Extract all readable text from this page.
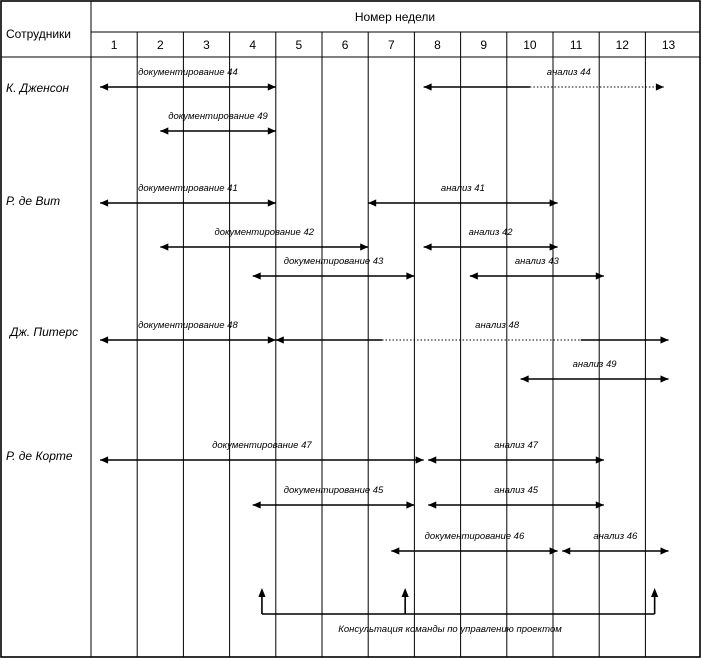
Сотрудники
Номер недели
1	2	3	4	5	6	7	8	9	10	11	12	13
К. Дженсон
Р. де Вит
Дж. Питерс
Р. де Корте
документирование 44	анализ 44
документирование 49
документирование 41	анализ 41
документирование 42	анализ 42
документирование 43	анализ 43
документирование 48	анализ 48
анализ 49
документирование 47	анализ 47
документирование 45	анализ 45
документирование 46	анализ 46
Консультация команды по управлению проектом
